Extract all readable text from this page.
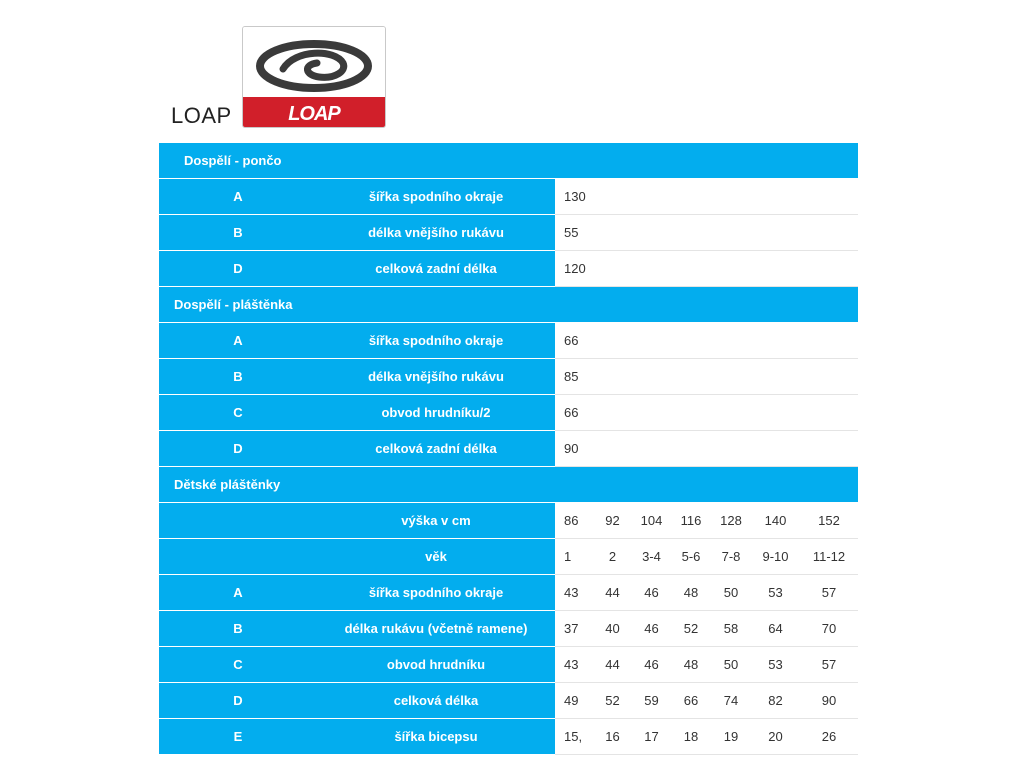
LOAP	LOAP
Dospělí - pončo								
A	šířka spodního okraje	130						
B	délka vnějšího rukávu	55						
D	celková zadní délka	120						
Dospělí - pláštěnka								
A	šířka spodního okraje	66						
B	délka vnějšího rukávu	85						
C	obvod hrudníku/2	66						
D	celková zadní délka	90						
Dětské pláštěnky								
	výška v cm	86	92	104	116	128	140	152
	věk	1	2	3-4	5-6	7-8	9-10	11-12
A	šířka spodního okraje	43	44	46	48	50	53	57
B	délka rukávu (včetně ramene)	37	40	46	52	58	64	70
C	obvod hrudníku	43	44	46	48	50	53	57
D	celková délka	49	52	59	66	74	82	90
E	šířka bicepsu	15,	16	17	18	19	20	26
